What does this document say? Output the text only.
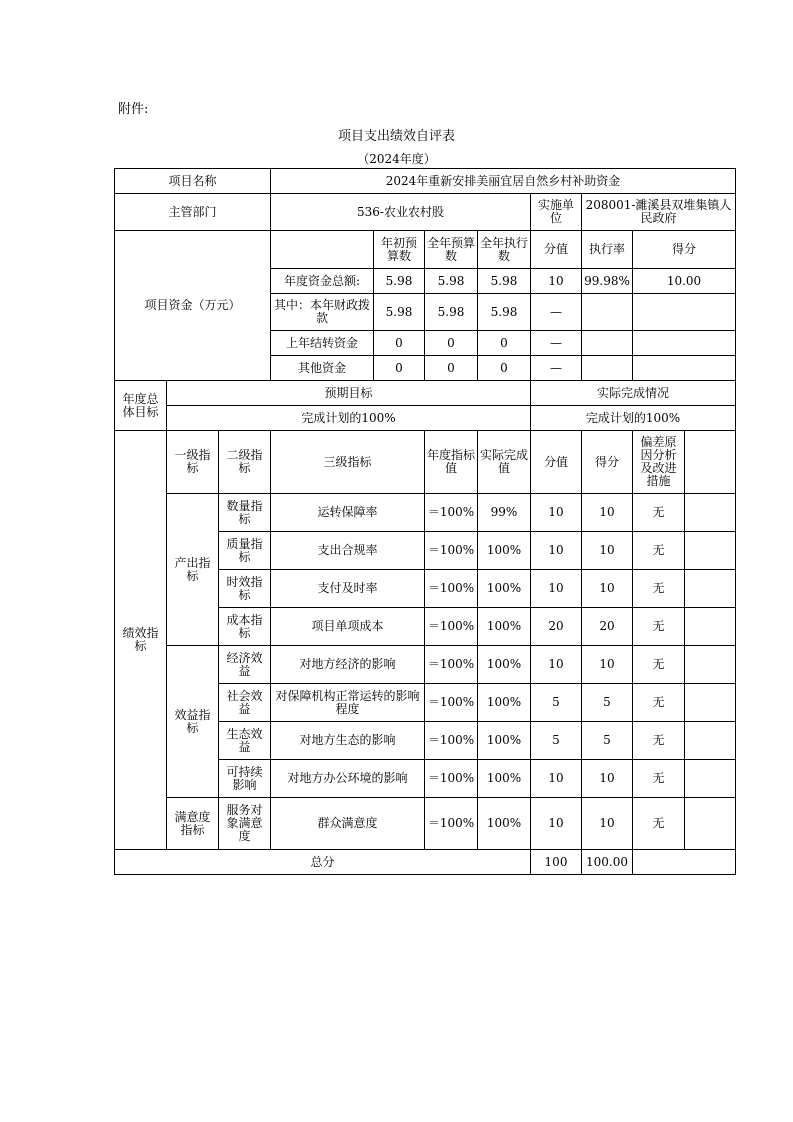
附件:
项目支出绩效自评表
（2024年度）
项目名称			2024年重新安排美丽宜居自然乡村补助资金							
主管部门			536-农业农村股				实施单位	208001-濉溪县双堆集镇人民政府		
项目资金（万元）				年初预算数	全年预算数	全年执行数	分值	执行率	得分	
			年度资金总额:	5.98	5.98	5.98	10	99.98%	10.00	
			其中：本年财政拨款	5.98	5.98	5.98	—			
			上年结转资金	0	0	0	—			
			其他资金	0	0	0	—			
年度总体目标	预期目标						实际完成情况			
	完成计划的100%						完成计划的100%			
绩效指标	一级指标	二级指标	三级指标		年度指标值	实际完成值	分值	得分	偏差原因分析及改进措施	
	产出指标	数量指标	运转保障率		＝100%	99%	10	10	无	
		质量指标	支出合规率		＝100%	100%	10	10	无	
		时效指标	支付及时率		＝100%	100%	10	10	无	
		成本指标	项目单项成本		＝100%	100%	20	20	无	
	效益指标	经济效益	对地方经济的影响		＝100%	100%	10	10	无	
		社会效益	对保障机构正常运转的影响程度		＝100%	100%	5	5	无	
		生态效益	对地方生态的影响		＝100%	100%	5	5	无	
		可持续影响	对地方办公环境的影响		＝100%	100%	10	10	无	
	满意度指标	服务对象满意度	群众满意度		＝100%	100%	10	10	无	
总分							100	100.00		
